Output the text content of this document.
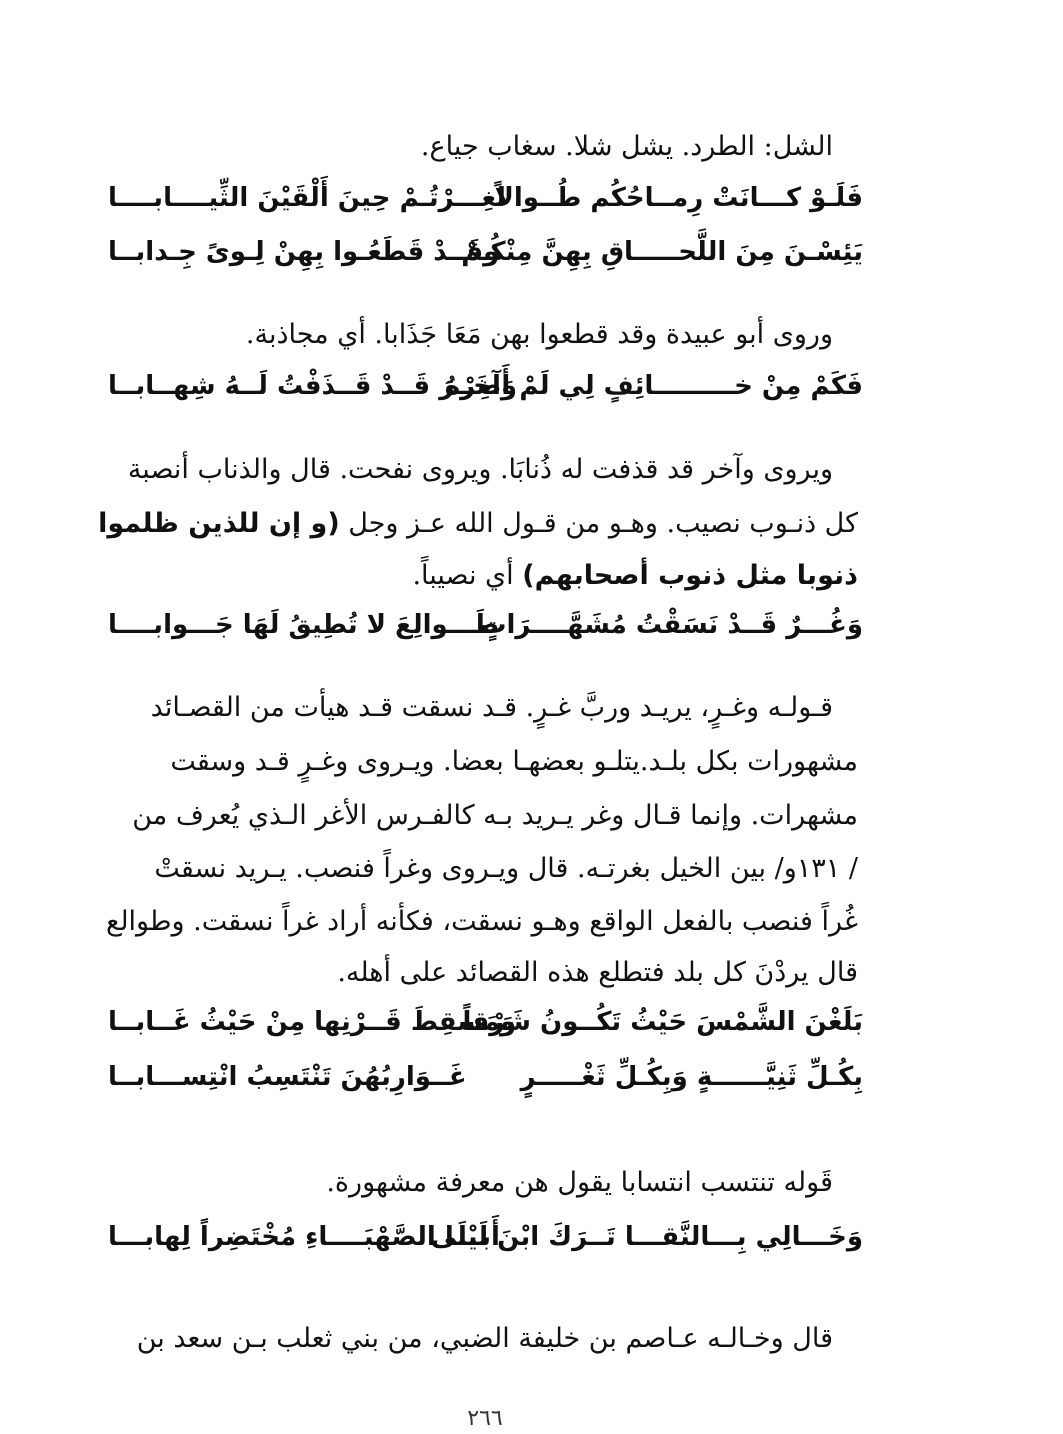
الشل: الطرد. يشل شلا. سغاب جياع.
فَلَـوْ كـــانَتْ رِمــاحُكُم طُــوالاً
لغِـــرْتُـمْ حِينَ أَلْقَيْنَ الثِّيــــابــــا
يَئِسْـنَ مِنَ اللَّحـــــاقِ بِهِنَّ مِنْكُـمْ
وقَــدْ قَطَعُـوا بِهِنْ لِـوىً جِـدابــا
وروى أبو عبيدة وقد قطعوا بهن مَعَا جَذَابا. أي مجاذبة.
فَكَمْ مِنْ خـــــــــائِفٍ لِي لَمْ أَضِرْهُ
وَآخَــرَ قَــدْ قَــذَفْتُ لَــهُ شِهــابــا
ويروى وآخر قد قذفت له ذُنابَا. ويروى نفحت. قال والذناب أنصبة
كل ذنـوب نصيب. وهـو من قـول الله عـز وجل (و إن للذين ظلموا
ذنوبا مثل ذنوب أصحابهم) أي نصيباً.
وَغُـــرٌ قَــدْ نَسَقْتُ مُشَهَّــــرَاتٍ
طَـــوالِعَ لا تُطِيقُ لَهَا جَـــوابــــا
قـولـه وغـرٍ، يريـد وربَّ غـرٍ. قـد نسقت قـد هيأت من القصـائد
مشهورات بكل بلـد.يتلـو بعضهـا بعضا. ويـروى وغـرٍ قـد وسقت
مشهرات. وإنما قـال وغر يـريد بـه كالفـرس الأغر الـذي يُعرف من
/ ١٣١و/ بين الخيل بغرتـه. قال ويـروى وغراً فنصب. يـريد نسقتْ
غُراً فنصب بالفعل الواقع وهـو نسقت، فكأنه أراد غراً نسقت. وطوالع
قال يردْنَ كل بلد فتطلع هذه القصائد على أهله.
بَلَغْنَ الشَّمْسَ حَيْثُ تَكُــونُ شَرْقاً
وَمَسقِطَ قَــرْنِها مِنْ حَيْثُ غَــابــا
بِكُـلِّ ثَنِيَّــــــةٍ وَبِكُـلِّ ثَغْـــــرٍ
غَــوَارِبُهُنَ تَنْتَسِبُ انْتِســـابــا
قَوله تنتسب انتسابا يقول هن معرفة مشهورة.
وَخَـــالِي بِـــالنَّقـــا تَــرَكَ ابْنَ لَيْلَى
أَبـــا الصَّهْبَــــاءِ مُخْتَضِراً لِهابـــا
قال وخـالـه عـاصم بن خليفة الضبي، من بني ثعلب بـن سعد بن
٢٦٦
